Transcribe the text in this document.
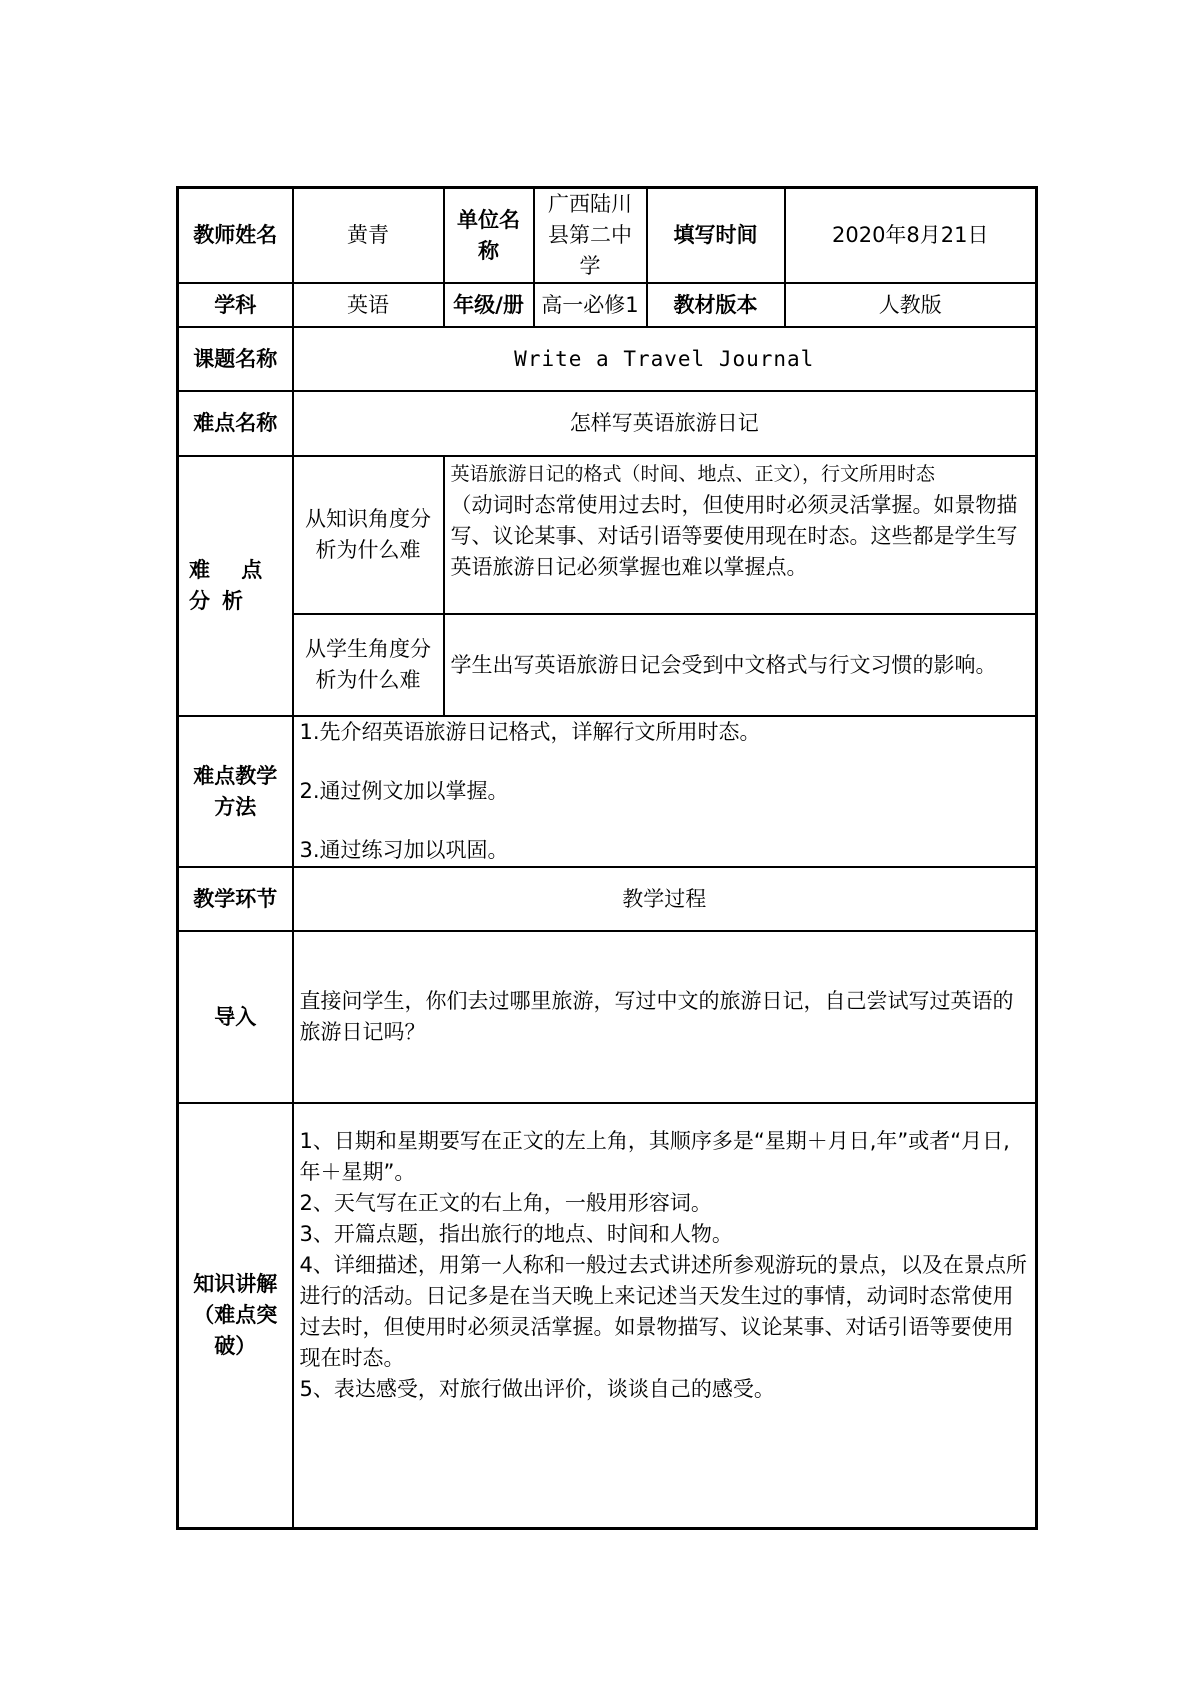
教师姓名	黄青	单位名称	广西陆川县第二中学	填写时间	2020年8月21日
学科	英语	年级/册	高一必修1	教材版本	人教版
课题名称	Write a Travel Journal				
难点名称	怎样写英语旅游日记				
难 点 分析	从知识角度分析为什么难	英语旅游日记的格式（时间、地点、正文），行文所用时态
（动词时态常使用过去时，但使用时必须灵活掌握。如景物描写、议论某事、对话引语等要使用现在时态。这些都是学生写英语旅游日记必须掌握也难以掌握点。			

	从学生角度分析为什么难	学生出写英语旅游日记会受到中文格式与行文习惯的影响。			
难点教学方法	1.先介绍英语旅游日记格式，详解行文所用时态。
2.通过例文加以掌握。
3.通过练习加以巩固。				

教学环节	教学过程				
导入	直接问学生，你们去过哪里旅游，写过中文的旅游日记，自己尝试写过英语的旅游日记吗？				
知识讲解（难点突破）	1、日期和星期要写在正文的左上角，其顺序多是“星期＋月日,年”或者“月日,年＋星期”。
2、天气写在正文的右上角，一般用形容词。
3、开篇点题，指出旅行的地点、时间和人物。
4、详细描述，用第一人称和一般过去式讲述所参观游玩的景点，以及在景点所进行的活动。日记多是在当天晚上来记述当天发生过的事情，动词时态常使用过去时，但使用时必须灵活掌握。如景物描写、议论某事、对话引语等要使用现在时态。
5、表达感受，对旅行做出评价，谈谈自己的感受。				
